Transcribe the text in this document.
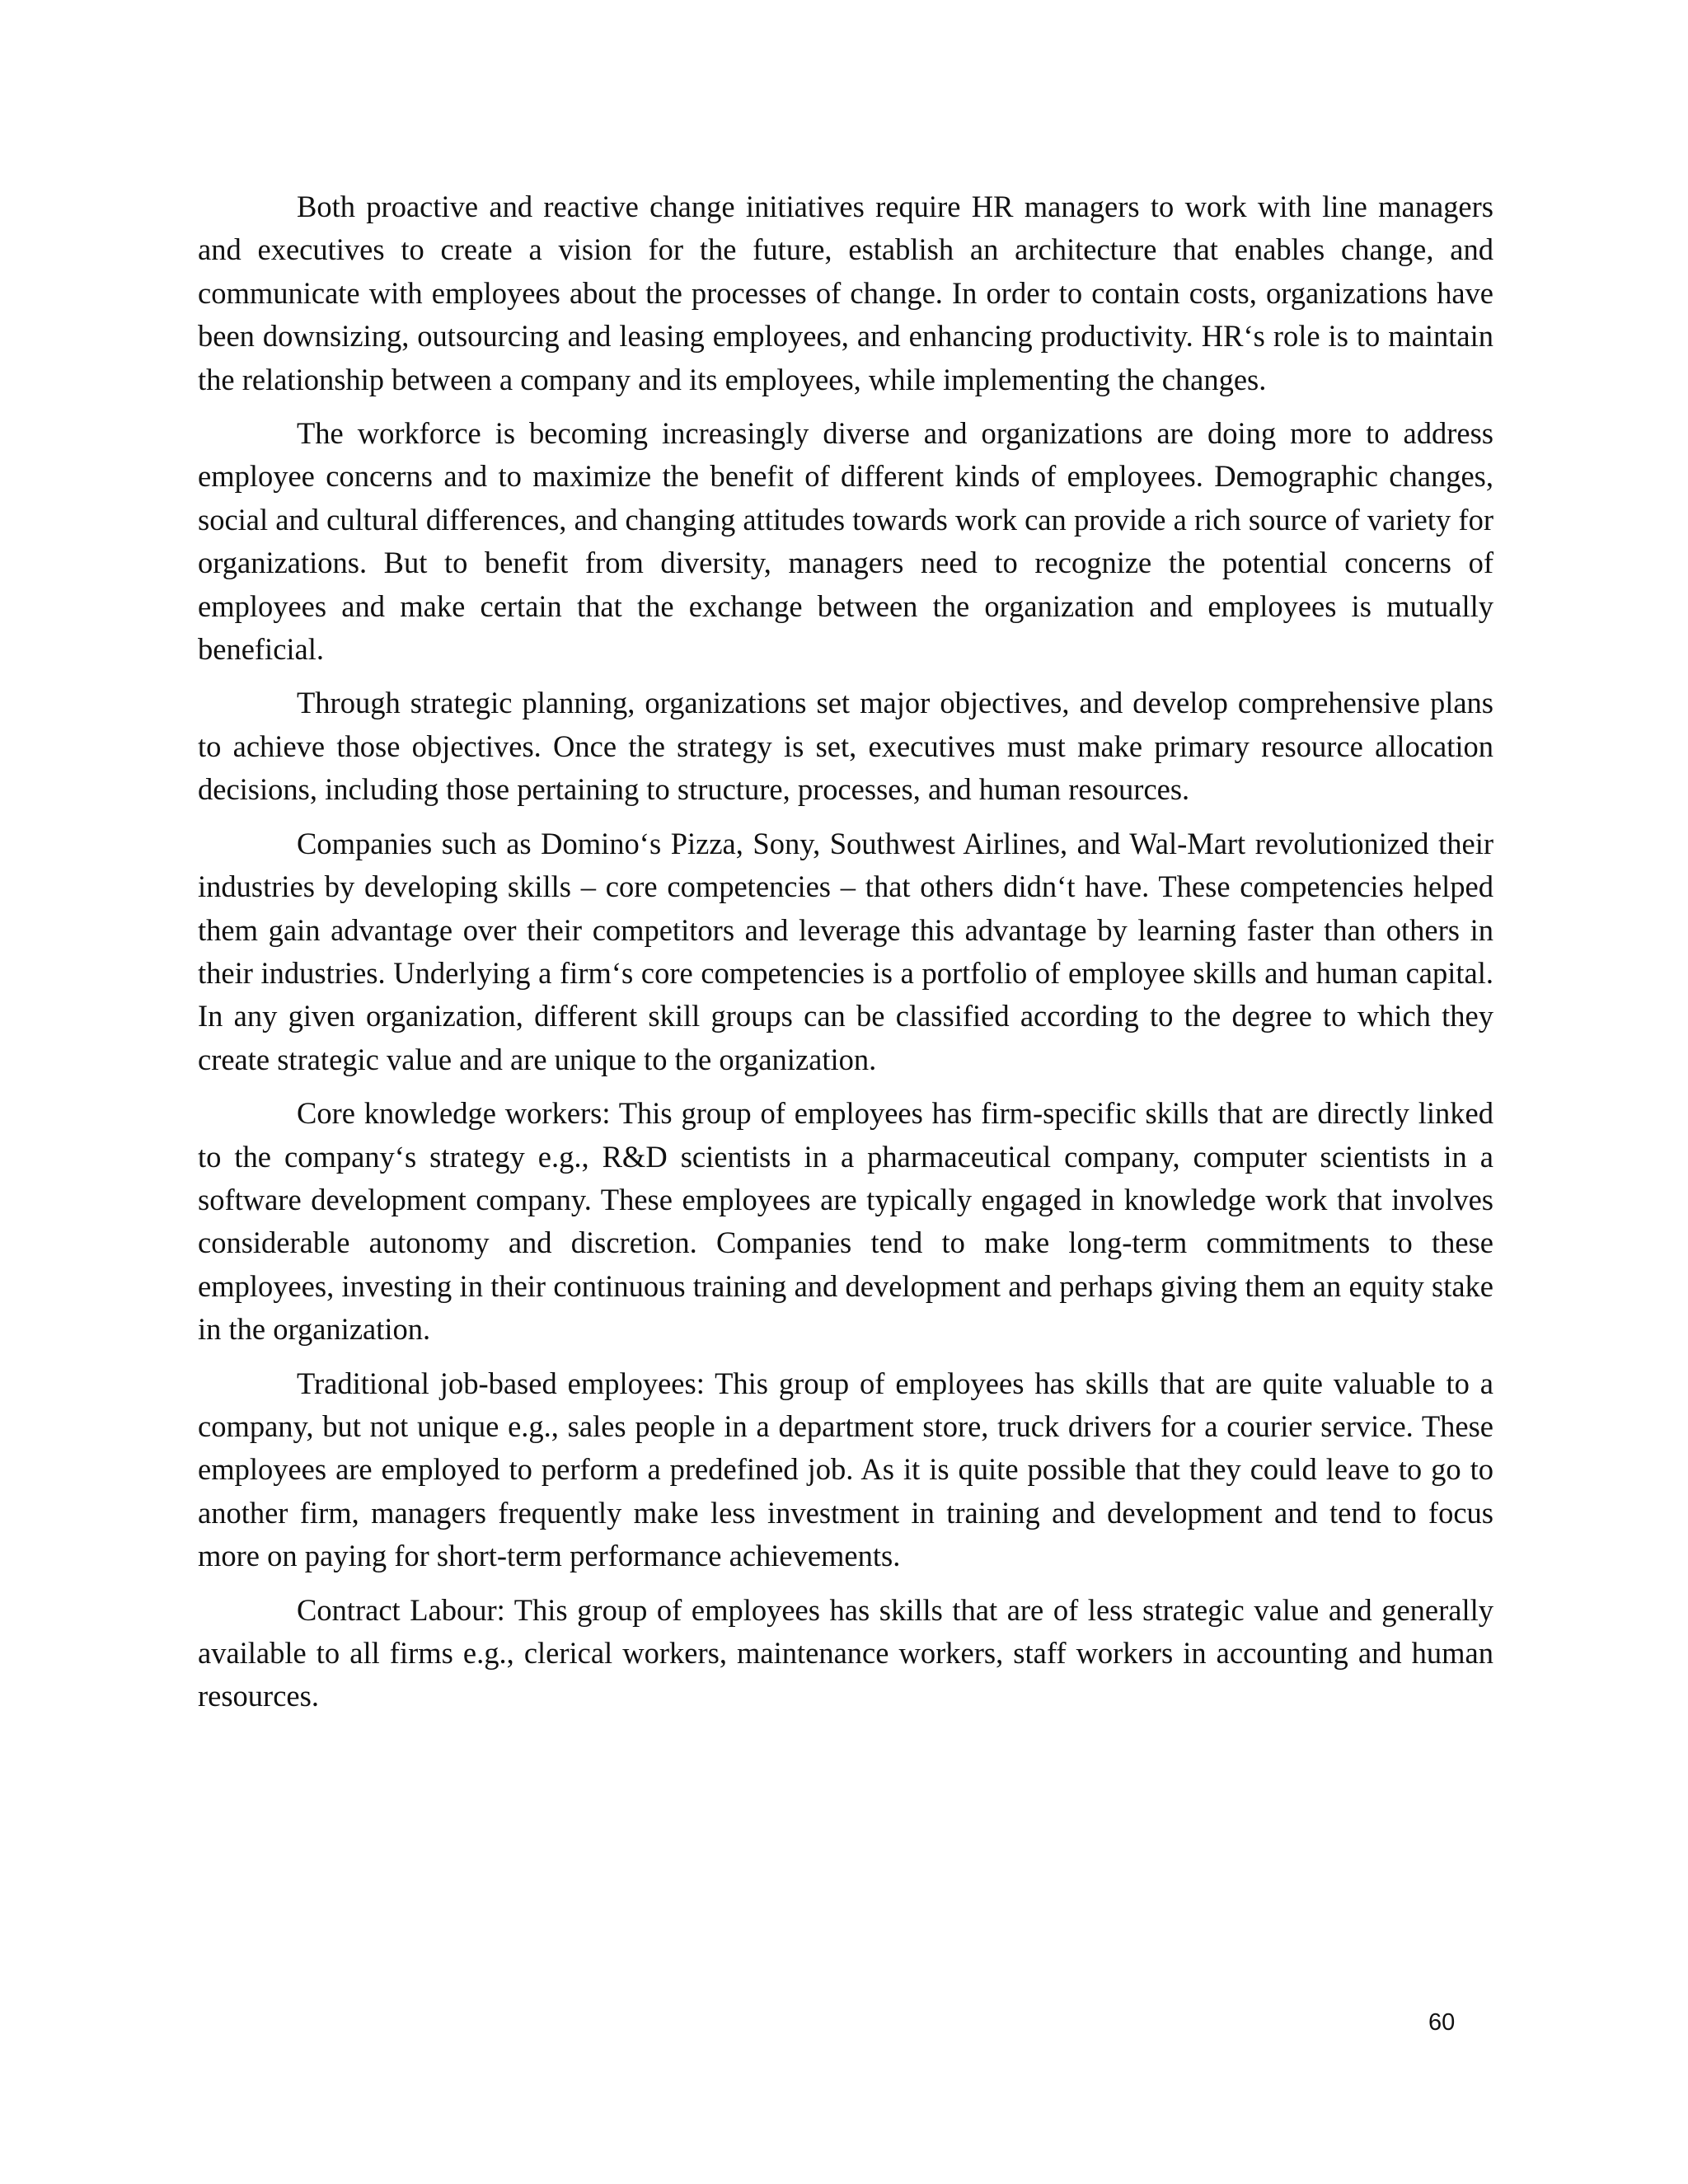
Both proactive and reactive change initiatives require HR managers to work with line managers and executives to create a vision for the future, establish an architecture that enables change, and communicate with employees about the processes of change. In order to contain costs, organizations have been downsizing, outsourcing and leasing employees, and enhancing productivity. HR‘s role is to maintain the relationship between a company and its employees, while implementing the changes.

The workforce is becoming increasingly diverse and organizations are doing more to address employee concerns and to maximize the benefit of different kinds of employees. Demographic changes, social and cultural differences, and changing attitudes towards work can provide a rich source of variety for organizations. But to benefit from diversity, managers need to recognize the potential concerns of employees and make certain that the exchange between the organization and employees is mutually beneficial.

Through strategic planning, organizations set major objectives, and develop comprehensive plans to achieve those objectives. Once the strategy is set, executives must make primary resource allocation decisions, including those pertaining to structure, processes, and human resources.

Companies such as Domino‘s Pizza, Sony, Southwest Airlines, and Wal-Mart revolutionized their industries by developing skills – core competencies – that others didn‘t have. These competencies helped them gain advantage over their competitors and leverage this advantage by learning faster than others in their industries. Underlying a firm‘s core competencies is a portfolio of employee skills and human capital. In any given organization, different skill groups can be classified according to the degree to which they create strategic value and are unique to the organization.

Core knowledge workers: This group of employees has firm-specific skills that are directly linked to the company‘s strategy e.g., R&D scientists in a pharmaceutical company, computer scientists in a software development company. These employees are typically engaged in knowledge work that involves considerable autonomy and discretion. Companies tend to make long-term commitments to these employees, investing in their continuous training and development and perhaps giving them an equity stake in the organization.

Traditional job-based employees: This group of employees has skills that are quite valuable to a company, but not unique e.g., sales people in a department store, truck drivers for a courier service. These employees are employed to perform a predefined job. As it is quite possible that they could leave to go to another firm, managers frequently make less investment in training and development and tend to focus more on paying for short-term performance achievements.

Contract Labour: This group of employees has skills that are of less strategic value and generally available to all firms e.g., clerical workers, maintenance workers, staff workers in accounting and human resources.

60
